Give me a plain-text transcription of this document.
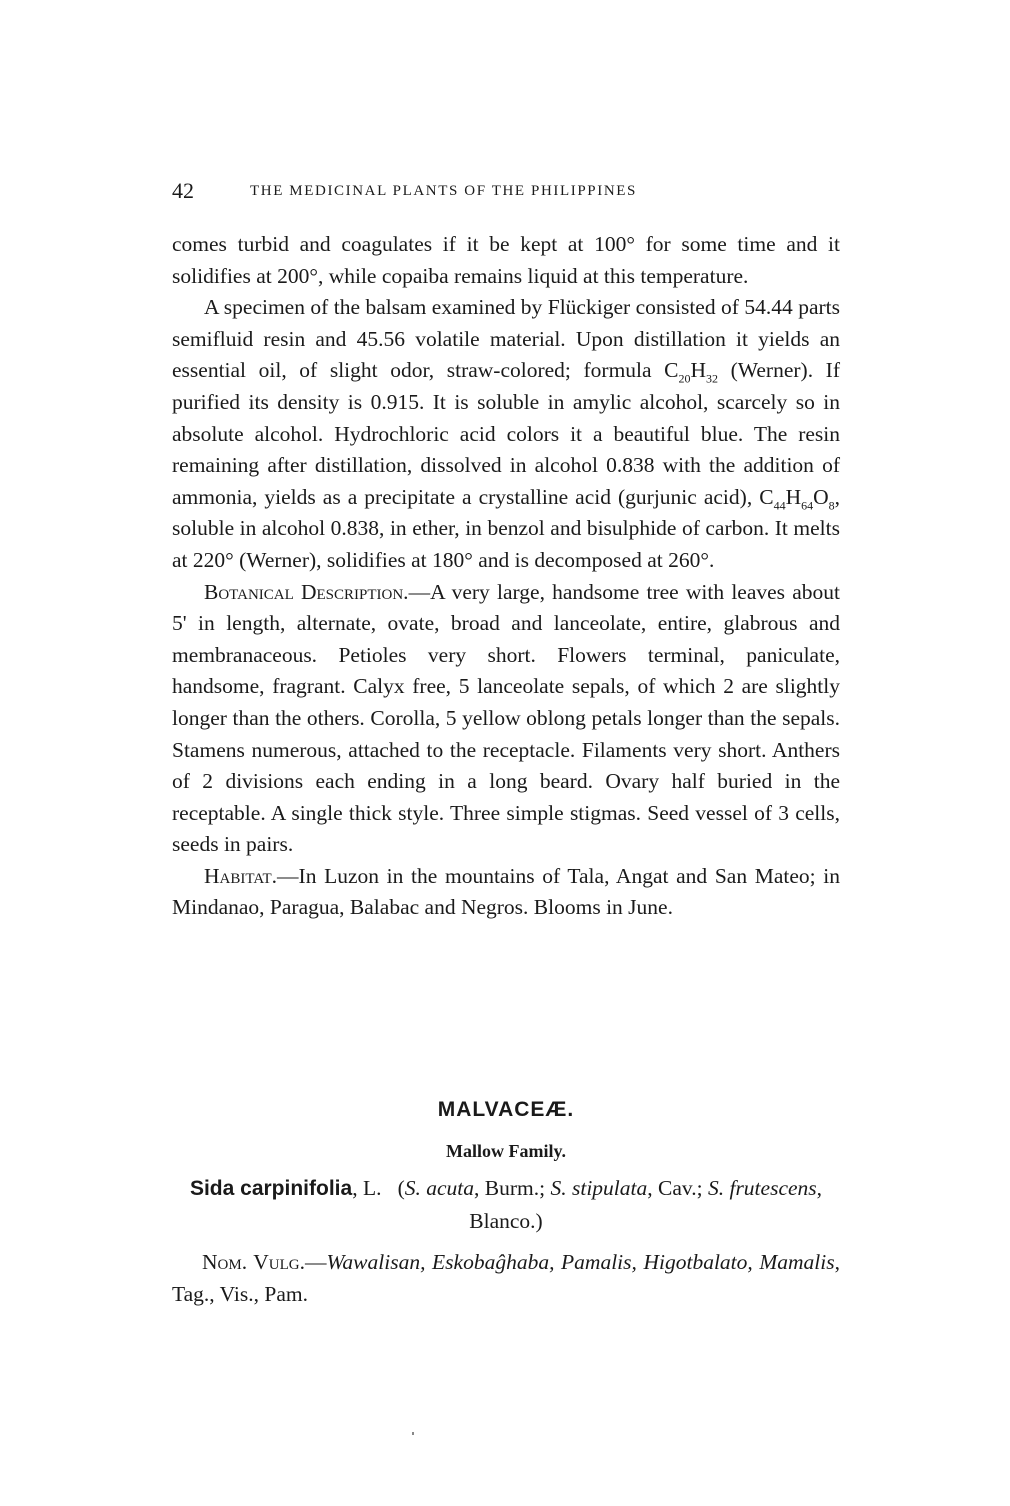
42	THE MEDICINAL PLANTS OF THE PHILIPPINES

comes turbid and coagulates if it be kept at 100° for some time and it solidifies at 200°, while copaiba remains liquid at this temperature.

A specimen of the balsam examined by Flückiger consisted of 54.44 parts semifluid resin and 45.56 volatile material. Upon distillation it yields an essential oil, of slight odor, straw-colored; formula $C_{20}H_{32}$ (Werner). If purified its density is 0.915. It is soluble in amylic alcohol, scarcely so in absolute alcohol. Hydrochloric acid colors it a beautiful blue. The resin remaining after distillation, dissolved in alcohol 0.838 with the addition of ammonia, yields as a precipitate a crystalline acid (gurjunic acid), $C_{44}H_{64}O_8$, soluble in alcohol 0.838, in ether, in benzol and bisulphide of carbon. It melts at 220° (Werner), solidifies at 180° and is decomposed at 260°.

Botanical Description.—A very large, handsome tree with leaves about 5' in length, alternate, ovate, broad and lanceolate, entire, glabrous and membranaceous. Petioles very short. Flowers terminal, paniculate, handsome, fragrant. Calyx free, 5 lanceolate sepals, of which 2 are slightly longer than the others. Corolla, 5 yellow oblong petals longer than the sepals. Stamens numerous, attached to the receptacle. Filaments very short. Anthers of 2 divisions each ending in a long beard. Ovary half buried in the receptable. A single thick style. Three simple stigmas. Seed vessel of 3 cells, seeds in pairs.

Habitat.—In Luzon in the mountains of Tala, Angat and San Mateo; in Mindanao, Paragua, Balabac and Negros. Blooms in June.

MALVACEÆ.

Mallow Family.

Sida carpinifolia, L. (S. acuta, Burm.; S. stipulata, Cav.; S. frutescens, Blanco.)

Nom. Vulg.—Wawalisan, Eskobaĝhaba, Pamalis, Higotbalato, Mamalis, Tag., Vis., Pam.
